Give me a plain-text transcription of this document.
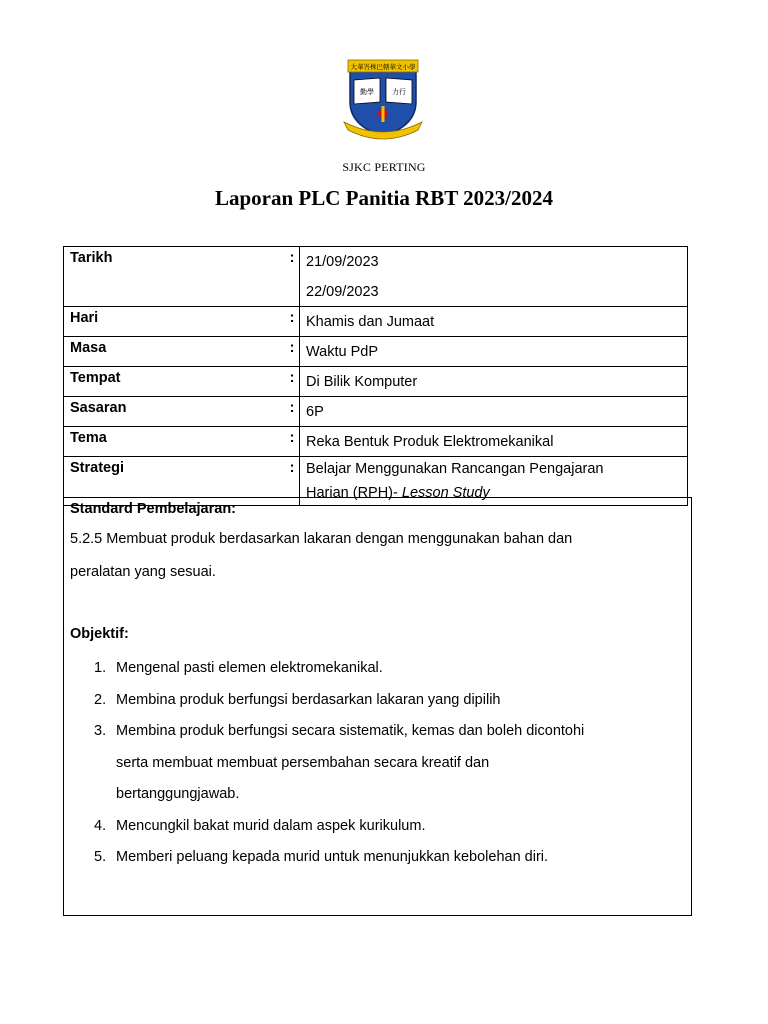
大華峇株巴轄華文小學
勤學	力行
SJKC PERTING
Laporan PLC Panitia RBT 2023/2024
Tarikh	:	21/09/2023
22/09/2023

Hari	:	Khamis dan Jumaat
Masa	:	Waktu PdP
Tempat	:	Di Bilik Komputer
Sasaran	:	6P
Tema	:	Reka Bentuk Produk Elektromekanikal
Strategi	:	Belajar Menggunakan Rancangan Pengajaran
Harian (RPH)- Lesson Study
Standard Pembelajaran:
5.2.5 Membuat produk berdasarkan lakaran dengan menggunakan bahan dan
peralatan yang sesuai.
Objektif:
1. Mengenal pasti elemen elektromekanikal.
2. Membina produk berfungsi berdasarkan lakaran yang dipilih
3. Membina produk berfungsi secara sistematik, kemas dan boleh dicontohi
serta membuat membuat persembahan secara kreatif dan
bertanggungjawab.
4. Mencungkil bakat murid dalam aspek kurikulum.
5. Memberi peluang kepada murid untuk menunjukkan kebolehan diri.
